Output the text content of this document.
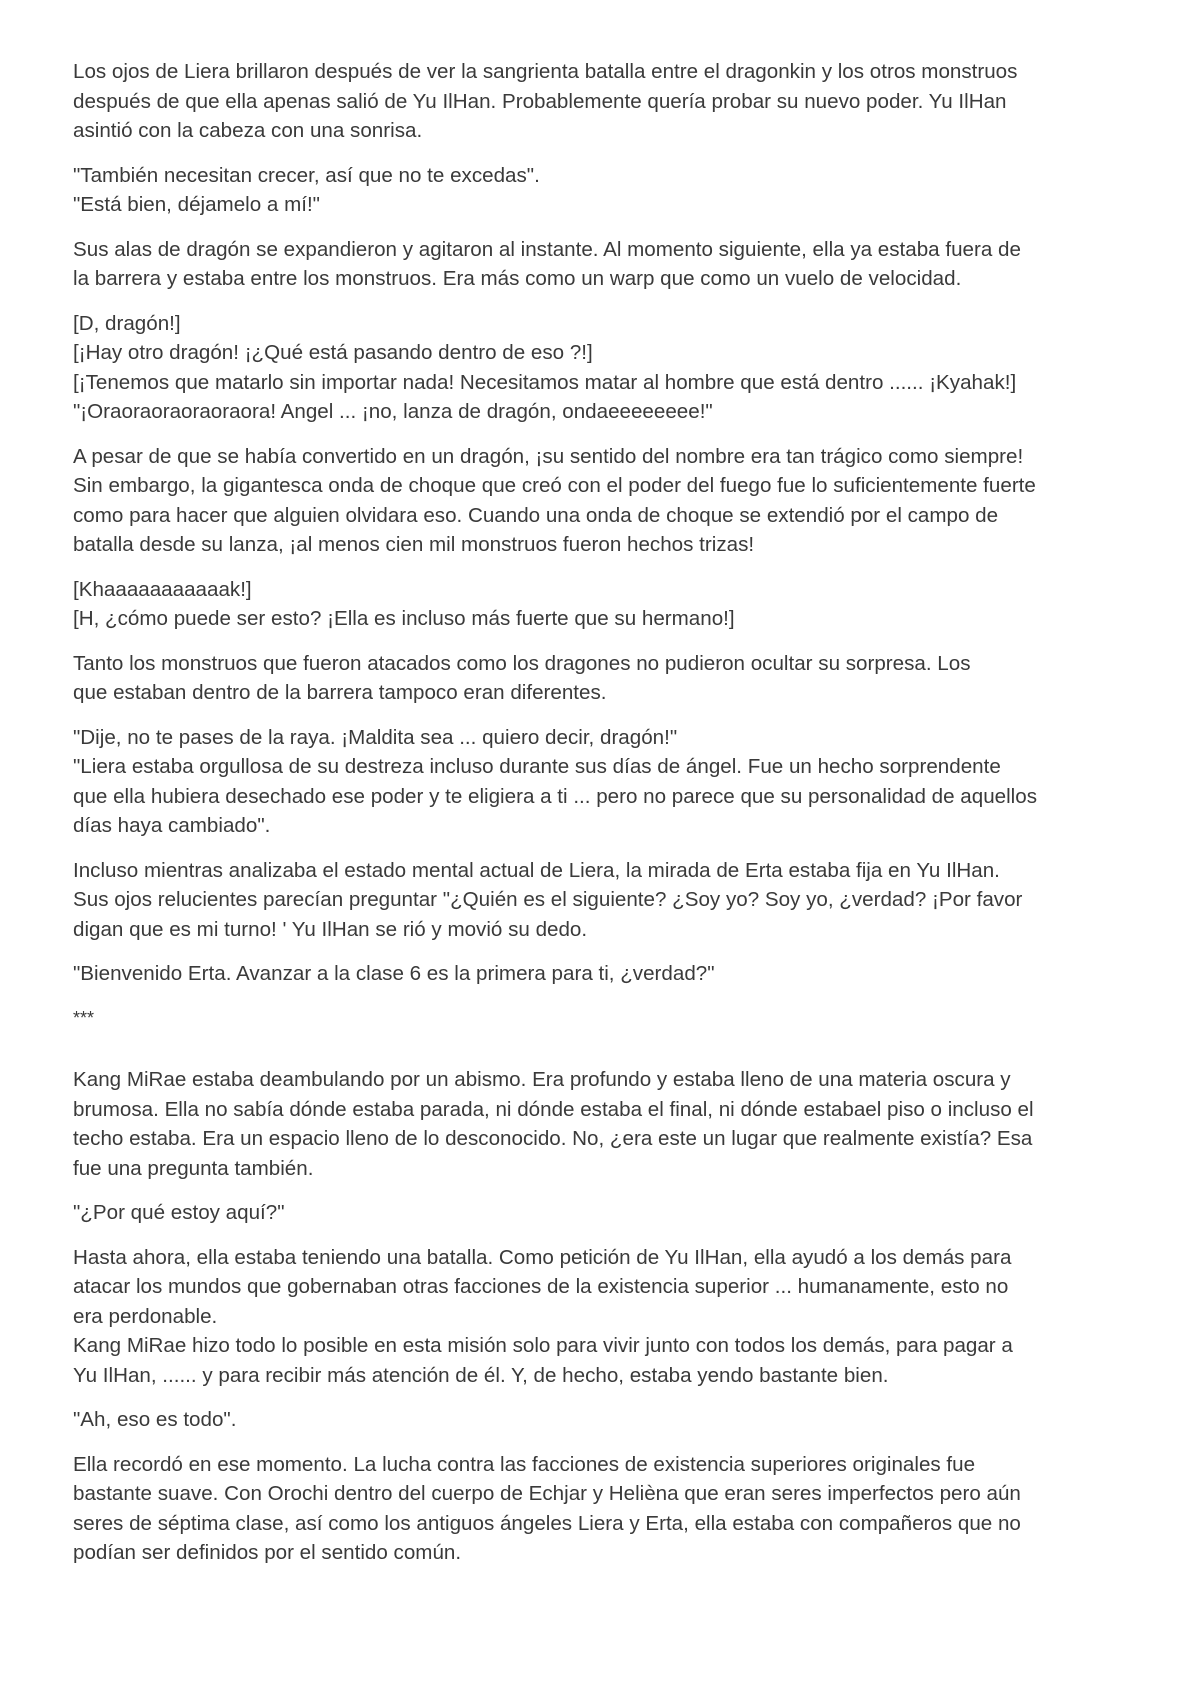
Los ojos de Liera brillaron después de ver la sangrienta batalla entre el dragonkin y los otros monstruos
después de que ella apenas salió de Yu IlHan. Probablemente quería probar su nuevo poder. Yu IlHan
asintió con la cabeza con una sonrisa.
"También necesitan crecer, así que no te excedas".
"Está bien, déjamelo a mí!"
Sus alas de dragón se expandieron y agitaron al instante. Al momento siguiente, ella ya estaba fuera de
la barrera y estaba entre los monstruos. Era más como un warp que como un vuelo de velocidad.
[D, dragón!]
[¡Hay otro dragón! ¡¿Qué está pasando dentro de eso ?!]
[¡Tenemos que matarlo sin importar nada! Necesitamos matar al hombre que está dentro ...... ¡Kyahak!]
"¡Oraoraoraoraoraora! Angel ... ¡no, lanza de dragón, ondaeeeeeeee!"
A pesar de que se había convertido en un dragón, ¡su sentido del nombre era tan trágico como siempre!
Sin embargo, la gigantesca onda de choque que creó con el poder del fuego fue lo suficientemente fuerte
como para hacer que alguien olvidara eso. Cuando una onda de choque se extendió por el campo de
batalla desde su lanza, ¡al menos cien mil monstruos fueron hechos trizas!
[Khaaaaaaaaaaak!]
[H, ¿cómo puede ser esto? ¡Ella es incluso más fuerte que su hermano!]
Tanto los monstruos que fueron atacados como los dragones no pudieron ocultar su sorpresa. Los
que estaban dentro de la barrera tampoco eran diferentes.
"Dije, no te pases de la raya. ¡Maldita sea ... quiero decir, dragón!"
"Liera estaba orgullosa de su destreza incluso durante sus días de ángel. Fue un hecho sorprendente
que ella hubiera desechado ese poder y te eligiera a ti ... pero no parece que su personalidad de aquellos
días haya cambiado".
Incluso mientras analizaba el estado mental actual de Liera, la mirada de Erta estaba fija en Yu IlHan.
Sus ojos relucientes parecían preguntar "¿Quién es el siguiente? ¿Soy yo? Soy yo, ¿verdad? ¡Por favor
digan que es mi turno! ' Yu IlHan se rió y movió su dedo.
"Bienvenido Erta. Avanzar a la clase 6 es la primera para ti, ¿verdad?"
***
Kang MiRae estaba deambulando por un abismo. Era profundo y estaba lleno de una materia oscura y
brumosa. Ella no sabía dónde estaba parada, ni dónde estaba el final, ni dónde estabael piso o incluso el
techo estaba. Era un espacio lleno de lo desconocido. No, ¿era este un lugar que realmente existía? Esa
fue una pregunta también.
"¿Por qué estoy aquí?"
Hasta ahora, ella estaba teniendo una batalla. Como petición de Yu IlHan, ella ayudó a los demás para
atacar los mundos que gobernaban otras facciones de la existencia superior ... humanamente, esto no
era perdonable.
Kang MiRae hizo todo lo posible en esta misión solo para vivir junto con todos los demás, para pagar a
Yu IlHan, ...... y para recibir más atención de él. Y, de hecho, estaba yendo bastante bien.
"Ah, eso es todo".
Ella recordó en ese momento. La lucha contra las facciones de existencia superiores originales fue
bastante suave. Con Orochi dentro del cuerpo de Echjar y Helièna que eran seres imperfectos pero aún
seres de séptima clase, así como los antiguos ángeles Liera y Erta, ella estaba con compañeros que no
podían ser definidos por el sentido común.
